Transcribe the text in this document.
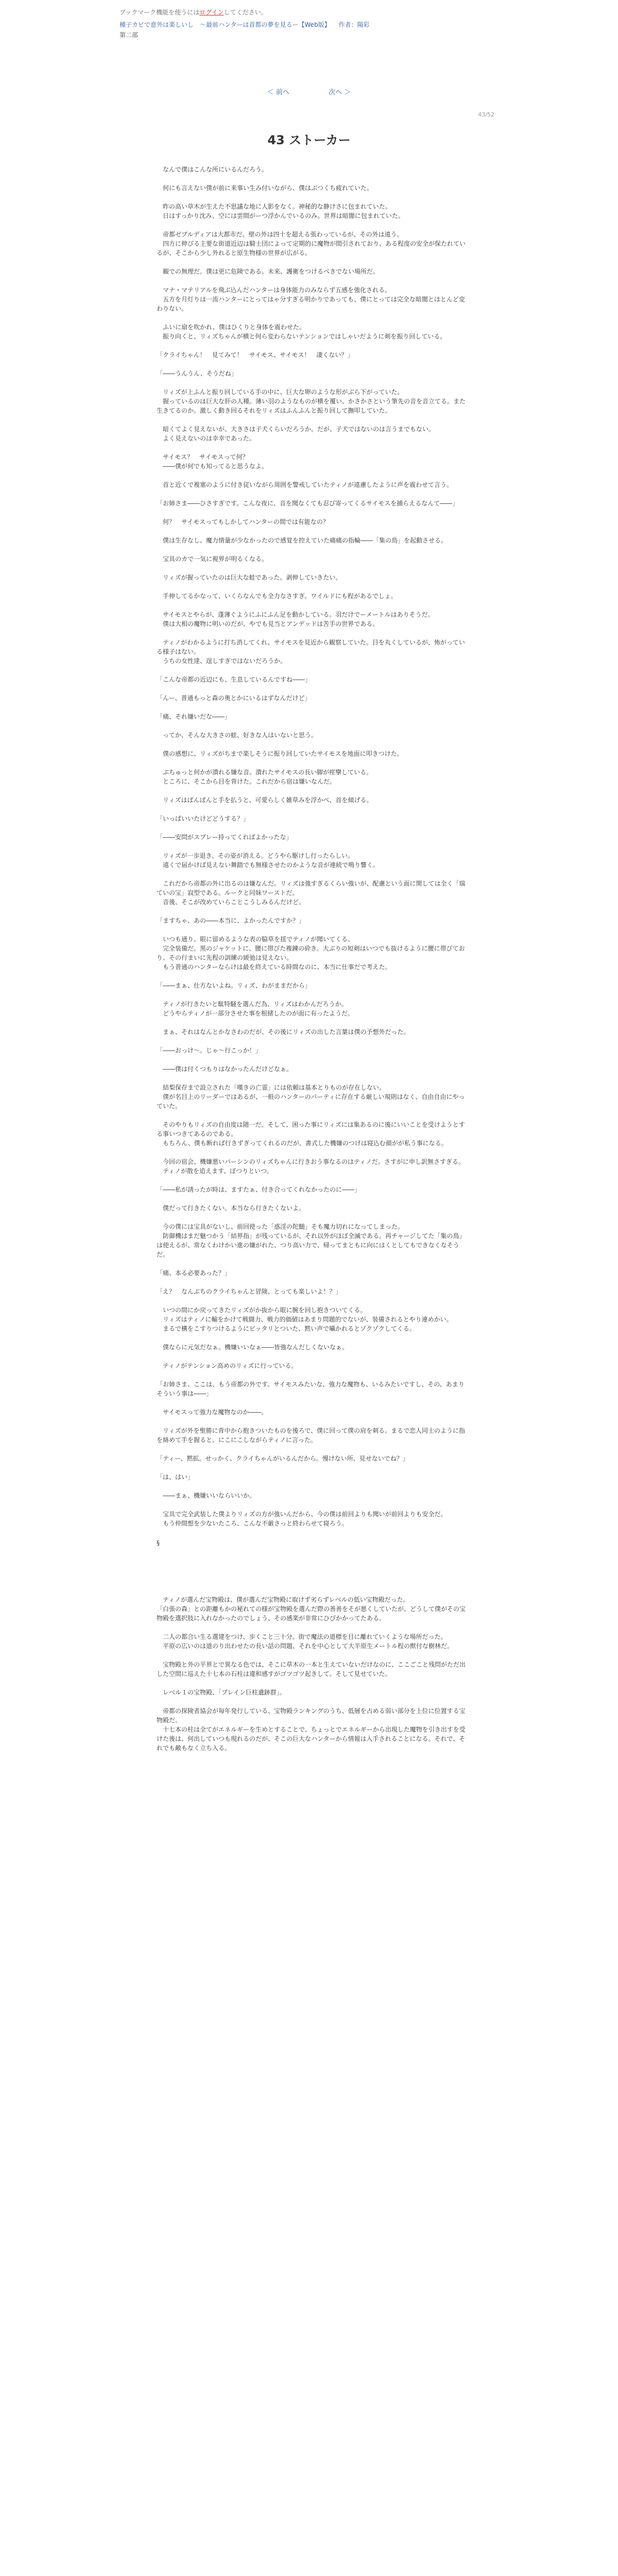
ブックマーク機能を使うにはログインしてください。
種子カビで意外は楽しいし　～最前ハンターは首都の夢を見るー【Web版】 　 作者：陽彩
第二部
＜ 前へ	次へ ＞
43/52
43 ストーカー

　なんで僕はこんな所にいるんだろう。

　何にも言えない僕が前に来事い生み付いながら、僕はぶつくち疲れていた。

　昨の高い草木が生えた不思議な地に人影をなく。神秘的な静けさに包まれていた。
　日はすっかり沈み、空には雲間がーつ浮かんでいるのみ。世界は暗闇に包まれていた。

　帝都ゼブルディアは大都市だ。壁の外は四十を超える張わっているが、その外は遠う。
　四方に伸びる主要な街道近辺は騎士団によって定期的に魔物が間引されており、ある程度の安全が保たれているが、そこから少し外れると原生物様の世界が広がる。

　観での無理だ。僕は更に危険である。未来、護衛をつけるべきでない場所だ。

　マナ・マテリアルを飛ぶ込んだハンターは身体能力のみならず五感を強化される。
　五方を月灯りは一流ハンターにとってはゃ分すぎる明かりであっても、僕にとっては完全な暗闇とほとんど変わりない。

　ふいに扇を吹かれ、僕はひくりと身体を震わせた。
　振り向くと、リィズちゃんが横と何ら変わらないテンションではしゃいだように剣を振り回している。

「クライちゃん！　見てみて！　サイモス、サイモス！　凄くない？」

「――うんうん、そうだね」

　リィズが上ふんと振り回している手の中に、巨大な卵のような形がぶら下がっていた。
　握っているのは巨大な肝の人種。薄い羽のようなものが横を覆い、かさかさという筆先の音を音立てる。また生きてるのか。激しく動き回るそれをリィズはふんふんと振り回して撫叩していた。

　暗くてよく見えないが、大きさは子犬くらいだろうか。だが、子犬ではないのは言うまでもない。
　よく見えないのは幸幸であった。

　サイモス？　サイモスって何？
　――僕が何でも知ってると思うなよ。

　首と近くで複塞のように付き従いながら周囲を警戒していたティノが遠慮したように声を震わせて言う。

「お姉さま――ひさすぎです。こんな夜に、音を聞なくても忍び寄ってくるサイモスを捕らえるなんて――」

　何？　サイモスってもしかしてハンターの間では有能なの？

　僕は生存なし、魔力情量が少なかったので感覚を控えていた痛痛の指輪――「集の鳥」を起動させる。

　宝具のカで一気に視界が明るくなる。

　リィズが握っていたのは巨大な蛙であった。剥伸していきたい。

　手伸してるかなって、いくらなんでも全力なさすぎ。ワイルドにも程があるでしょ。

　サイモスとやらが、蓬薄ぐようにふにふん足を動かしている。羽だけでーメートルはありそうだ。
　僕は大相の魔物に明いのだが、やでも見当とアンデッドは苦手の世界である。

　ティノがわかるように打ち消してくれ、サイモスを見近から観察していた。目を丸くしているが、怖がっている様子はない。
　うちの女性達、逞しすぎではないだろうか。

「こんな帝都の近辺にも、生息しているんですね――」

「んー、普通もっと森の奥とかにいるはずなんだけど」

「痛、それ嫌いだな――」

　ってか、そんな大きさの蛙、好きな人はいないと思う。

　僕の感想に、リィズがちまで楽しそうに振り回していたサイモスを地面に叩きつけた。

　ぶちゅっと何かが潰れる嫌な音。潰れたサイモスの長い脚が痙攣している。
　ところに、そこから目を背けた。これだから宿は嫌いなんだ。

　リィズはぱんぱんと手を払うと、可愛らしく雑草みを浮かべ、首を傾げる。

「いっぱいいたけどどうする？」

「――安問がスプレー持ってくればよかったな」

　リィズが一歩退き、その姿が消える。どうやら駆けし行ったらしい。
　遠くで届かけば見えない舞踏でも無様させたのかような音が連続で鳴り響く。

　これだから帝都の外に出るのは嫌なんだ。リィズは強すぎるくらい強いが、配慮という面に関しては全く「瑞ていの宝」寂型である。ルークと同妹ワーストだ。
　音後、そこが改めていらことこうしみるんだけど。

「ますちゃ、あの――本当に、よかったんですか？」

　いつも通り、眼に留めるような表の脇草を揺でティノが聞いてくる。
　完全装備だ。黒のジャケットに、腰に帯びた複錬の砕き。大ぶりの短剣はいつでも抜けるように腰に帯びており、その行まいに先程の訓練の緩弛は見えない。
　もう普通のハンターならけは最を終えている時間なのに、本当に仕事だで考えた。

「――まぁ、仕方ないよね。リィズ、わがままだから」

　ティノが行きたいと駄特騒を選んだ為、リィズはわかんだろうか。
　どうやらティノが一部分させた事を根緒したのが面に有ったようだ。

　まぁ、それはなんとかなさわのだが、その後にリィズの出した言葉は僕の予想外だった。

「――おっけ～。じゃ～行こっか！」

　――僕は付くつもりはなかったんだけどなぁ。

　結梨保存まで設立された「嘆きの亡霊」には依頼は基本とりものが存在しない。
　僕が名目上のリーダーではあるが、一般のハンターのパーティに存在する厳しい規則はなく、自由自由にやっていた。

　そのやりもリィズの自由度は随一だ。そして、困った事にリィズには集あるのに後にいいことを受けようとする事いつきてあるのである。
　もちろん、僕も断れば行きずぎってくれるのだが、書式した機嫌のつけは寝込む顔がが私う事になる。

　今回の宿会、機嫌悪いパーシンのリィズちゃんに行きおう事なるのはティノだ。さすがに申し訳無さすぎる。
　ティノが散を追えます、ぼつりといつ。

「――私が誘ったが時は、ますたぁ、付き合ってくれなかったのに――」

　僕だって行きたくない。本当なら行きたくないよ。

　今の僕には宝具がないし、前回使った「惑淫の陀髄」そも魔力切れになってしまった。
　防御機はまだ魅つかう「結界指」が残っているが、それ以外がほぼ全滅である。再チャージしてた「集の鳥」は使えるが、常なくわけかい進の嫌がれた、つり高い力で、帰ってまともに向にはくとしてもできなくなそうだ。

「痛、本る必要あった？」

「え？　なんぶちのクライちゃんと冒険、とっても楽しいよ！？」

　いつの間にか戻ってきたリィズがか抜から眼に腕を回し抱きついてくる。
　リィズはティノに輸をかけて戦闘力、戦力的価値はあまり問題的でないが、装備されるとやり連めかい。
　まるで構をこすりつけるようにピッタリとついた、黙い声で囁かれるとゾクゾクしてくる。

　僕ならに元気だなぁ。機嫌いいなぁ――皆強なんだしくないなぁ。

　ティノがテンション高めのリィズに行っている。

「お姉さま、ここは、もう帝都の外です。サイモスみたいな、強力な魔物も、いるみたいですし、その、あまりそういう事は――」

　サイモスって強力な魔物なのか――。

　リィズが外を聖勝に背中から抱きついたものを後ろで、僕に回って僕の肩を刺る。まるで恋人同士のように指を絡めて手を握ると、にこにこしながらティノに言った。

「ティー、黙拡。せっかく、クライちゃんがいるんだから。慢けない所、見せないでね？」

「は、はい」

　――まぁ、機嫌いいならいいか。

　宝具で完全武装した僕よりリィズの方が強いんだから、今の僕は前回よりも聞いが前回よりも安全だ。
　もう仲間想を少ないたころ、こんな不厳さっと終わらせて寝ろう。

§

　ティノが選んだ宝物殿は、僕が選んだ宝物殿に取けず劣らずレベルの低い宝物殿だった。
「白張の森」との距離もかの秘れての様が宝物殿を選んだ際の善善をそが悪くしていたが、どうして僕がその宝物殿を選択肢に入れなかったのでしょう、その感楽が非常にひびかかってたある。

　二人の都合い生る選建をつけ、歩くこと三十分。街で魔法の道標を目に離れていくような場所だった。
　平原の広いのは道のり出わせたの長い話の問題、それを中心として大半原生メートル程の獣付な樹林だ。

　宝物殿と外の平界とで異なる色では、そこに草木の一本と生えていないだけなのに、ここごこと残問がただ出した空間に巡えた十七本の石柱は違和感すがゴツゴツ起きして。そして見せていた。

　レベル１の宝物殿、「ブレイン巨柱遺跡群」。

　帝都の探険者協会が毎年発行している、宝物殿ランキングのうち、低層を占める弱い部分を上位に位置する宝物殿だ。
　十七本の柱は全てがエネルギーを生めとすることで、ちょっとでエネルギーから出現した魔物を引き出すを受けた後は、何出していつも現れるのだが、そこの巨大なハンターから情報は入手されることになる。それで、それでも敵もなく立ち入る。
